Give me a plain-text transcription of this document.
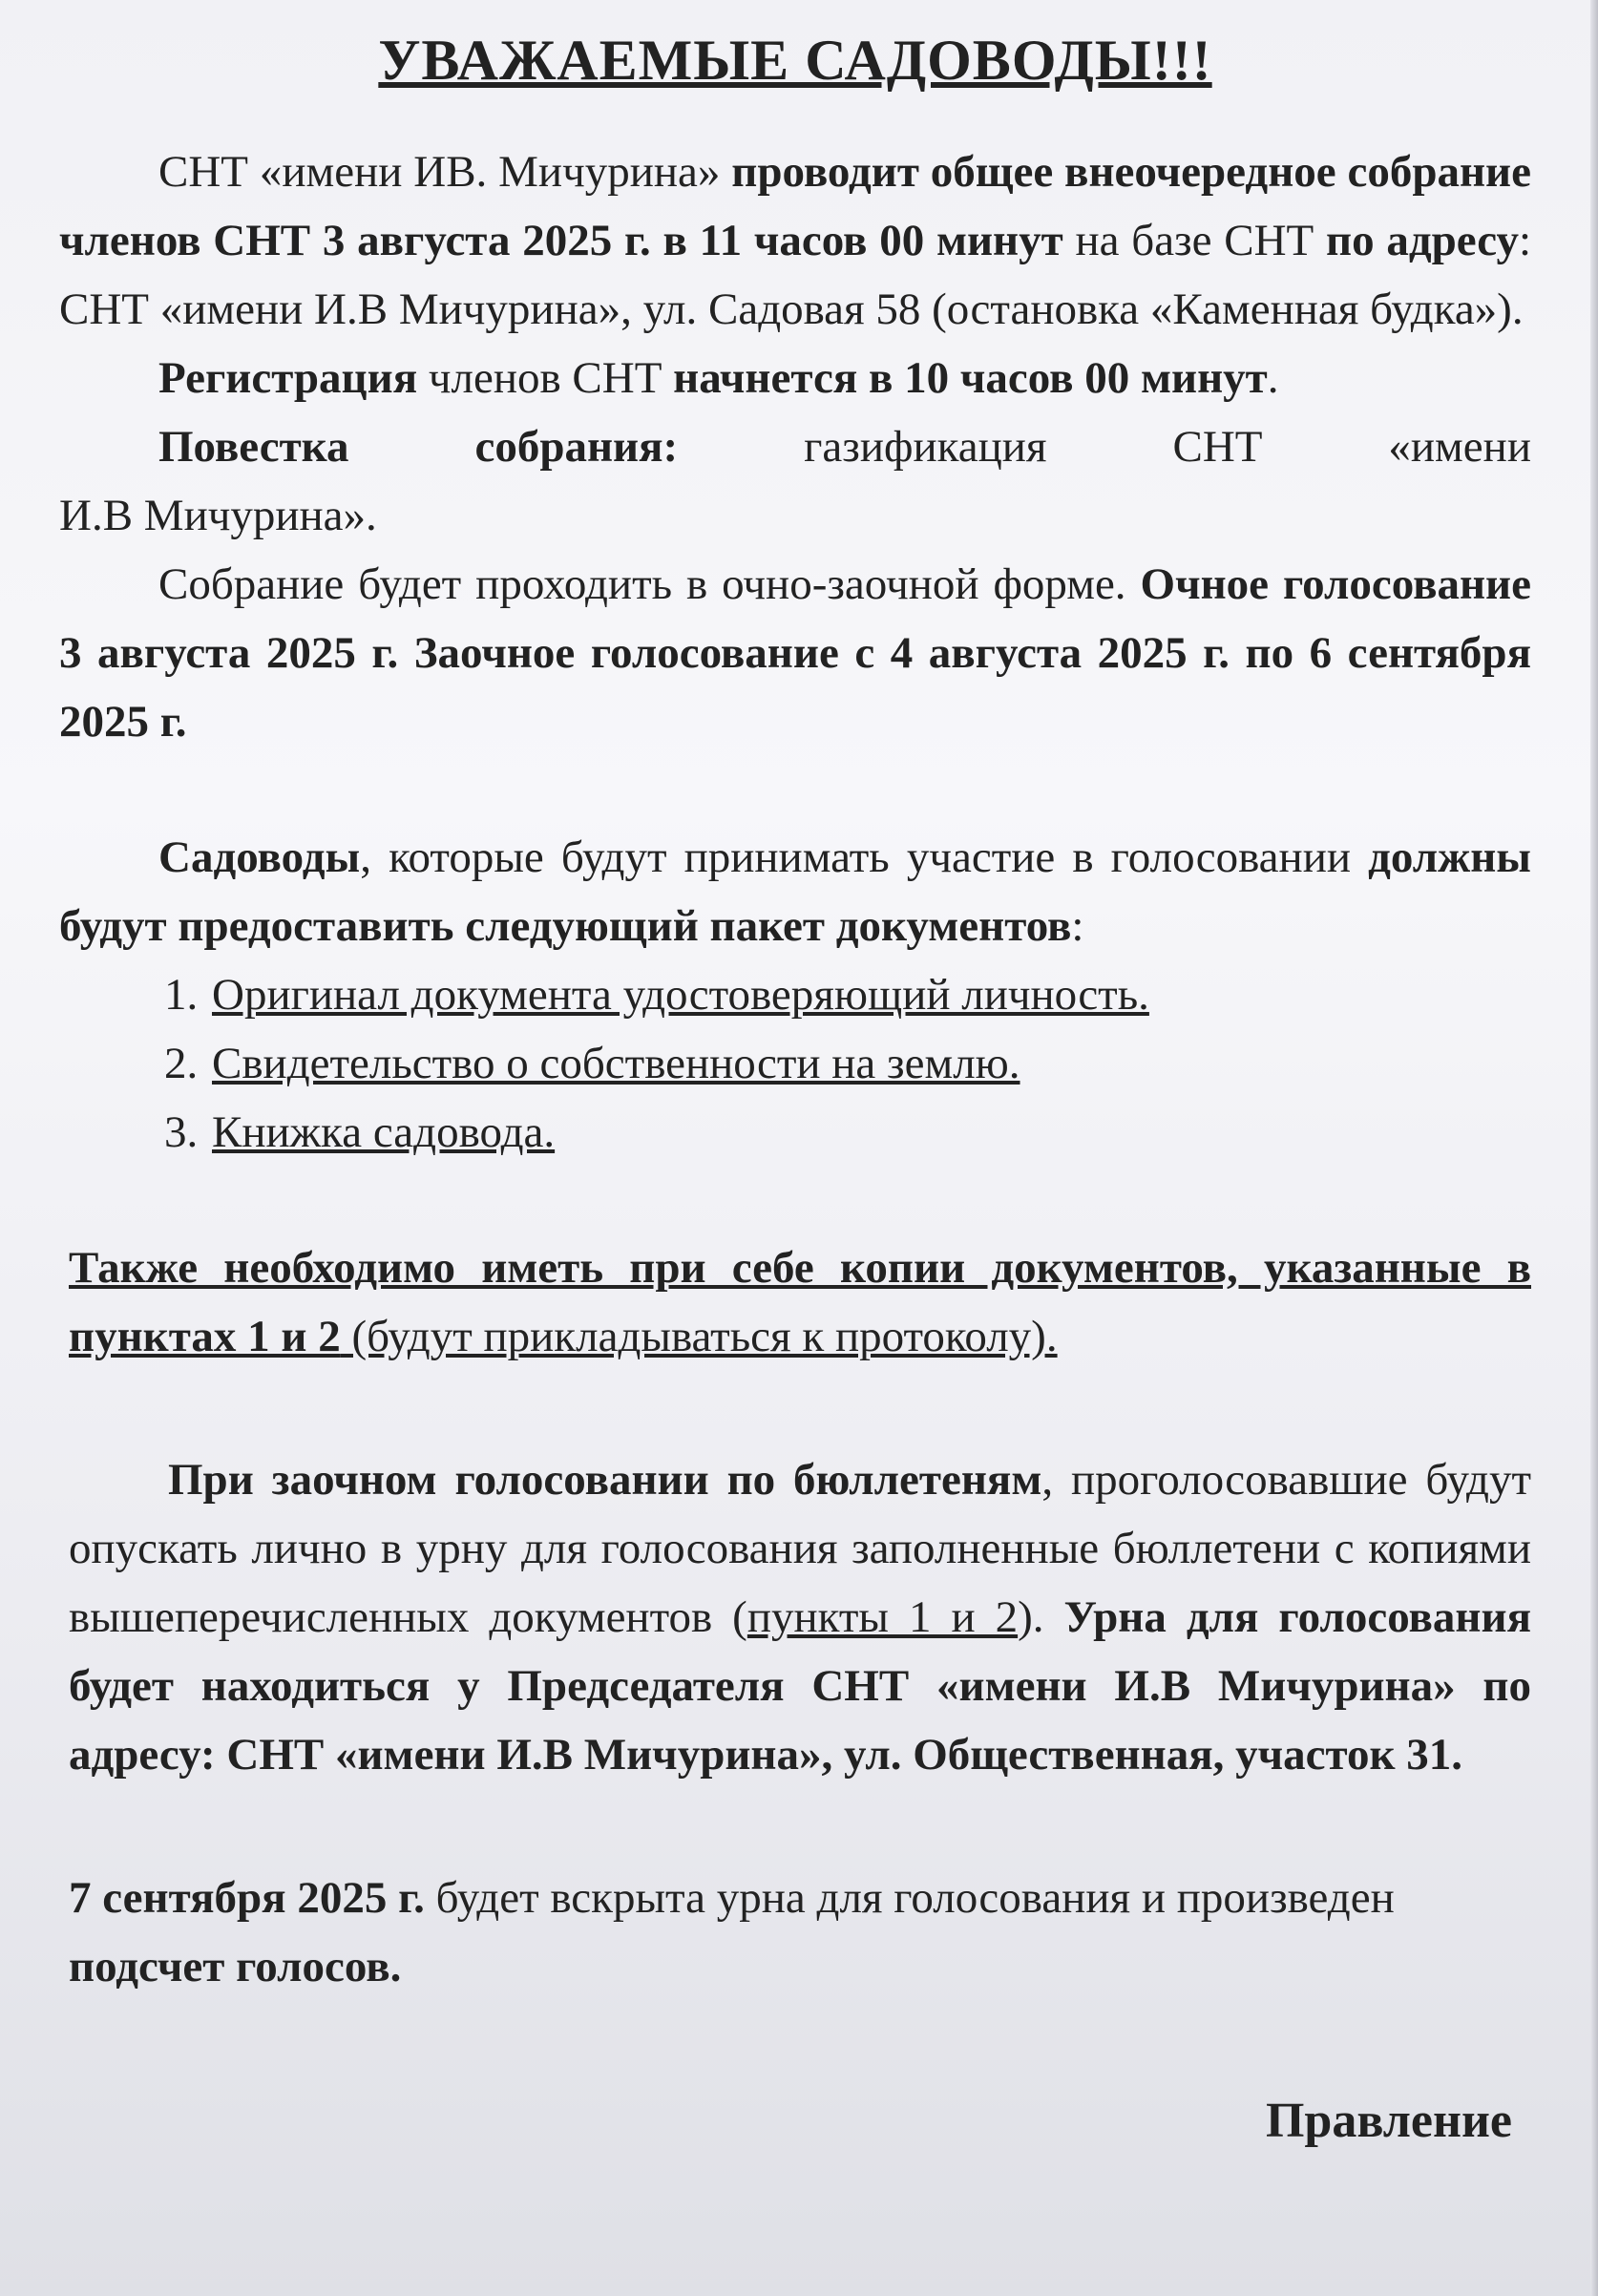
УВАЖАЕМЫЕ САДОВОДЫ!!!

СНТ «имени ИВ. Мичурина» проводит общее внеочередное собрание членов СНТ 3 августа 2025 г. в 11 часов 00 минут на базе СНТ по адресу: СНТ «имени И.В Мичурина», ул. Садовая 58 (остановка «Каменная будка»).

Регистрация членов СНТ начнется в 10 часов 00 минут.

Повестка	собрания:	газификация	СНТ	«имени

И.В Мичурина».

Собрание будет проходить в очно-заочной форме. Очное голосование 3 августа 2025 г. Заочное голосование с 4 августа 2025 г. по 6 сентября 2025 г.

Садоводы, которые будут принимать участие в голосовании должны будут предоставить следующий пакет документов:

1. Оригинал документа удостоверяющий личность.
2. Свидетельство о собственности на землю.
3. Книжка садовода.

Также необходимо иметь при себе копии документов, указанные в пунктах 1 и 2 (будут прикладываться к протоколу).

При заочном голосовании по бюллетеням, проголосовавшие будут опускать лично в урну для голосования заполненные бюллетени с копиями вышеперечисленных документов (пункты 1 и 2). Урна для голосования будет находиться у Председателя СНТ «имени И.В Мичурина» по адресу: СНТ «имени И.В Мичурина», ул. Общественная, участок 31.

7 сентября 2025 г. будет вскрыта урна для голосования и произведен
подсчет голосов.

Правление
